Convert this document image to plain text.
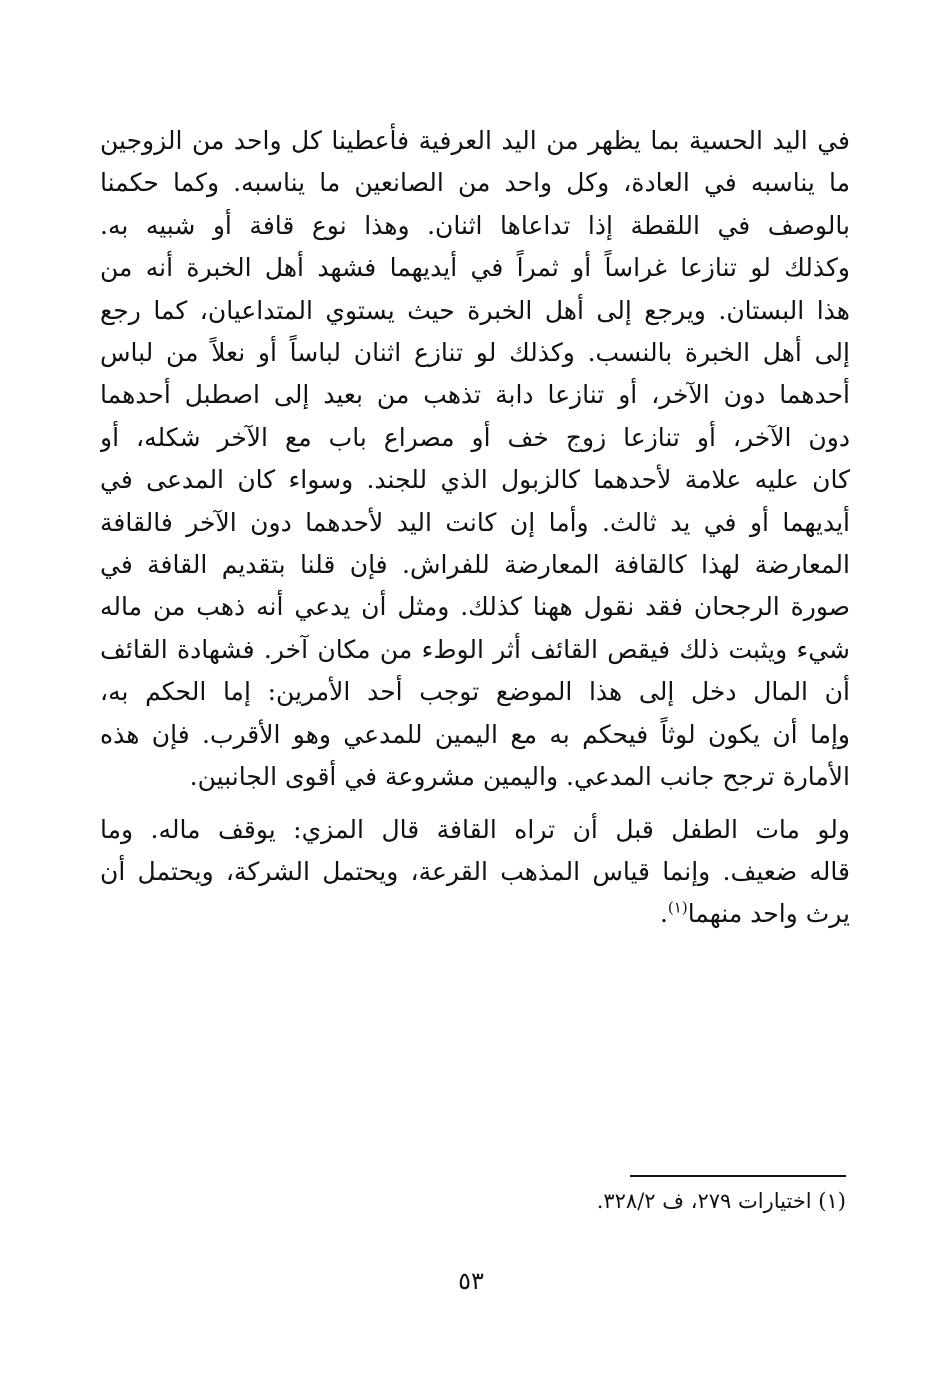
في اليد الحسية بما يظهر من اليد العرفية فأعطينا كل واحد من الزوجين
ما يناسبه في العادة، وكل واحد من الصانعين ما يناسبه. وكما حكمنا
بالوصف في اللقطة إذا تداعاها اثنان. وهذا نوع قافة أو شبيه به.
وكذلك لو تنازعا غراساً أو ثمراً في أيديهما فشهد أهل الخبرة أنه من
هذا البستان. ويرجع إلى أهل الخبرة حيث يستوي المتداعيان، كما رجع
إلى أهل الخبرة بالنسب. وكذلك لو تنازع اثنان لباساً أو نعلاً من لباس
أحدهما دون الآخر، أو تنازعا دابة تذهب من بعيد إلى اصطبل أحدهما
دون الآخر، أو تنازعا زوج خف أو مصراع باب مع الآخر شكله، أو
كان عليه علامة لأحدهما كالزبول الذي للجند. وسواء كان المدعى في
أيديهما أو في يد ثالث. وأما إن كانت اليد لأحدهما دون الآخر فالقافة
المعارضة لهذا كالقافة المعارضة للفراش. فإن قلنا بتقديم القافة في
صورة الرجحان فقد نقول ههنا كذلك. ومثل أن يدعي أنه ذهب من ماله
شيء ويثبت ذلك فيقص القائف أثر الوطء من مكان آخر. فشهادة القائف
أن المال دخل إلى هذا الموضع توجب أحد الأمرين: إما الحكم به،
وإما أن يكون لوثاً فيحكم به مع اليمين للمدعي وهو الأقرب. فإن هذه
الأمارة ترجح جانب المدعي. واليمين مشروعة في أقوى الجانبين.

ولو مات الطفل قبل أن تراه القافة قال المزي: يوقف ماله. وما
قاله ضعيف. وإنما قياس المذهب القرعة، ويحتمل الشركة، ويحتمل أن
يرث واحد منهما$^{(١)}$.

(١) اختيارات ٢٧٩، ف ٣٢٨/٢.
٥٣
